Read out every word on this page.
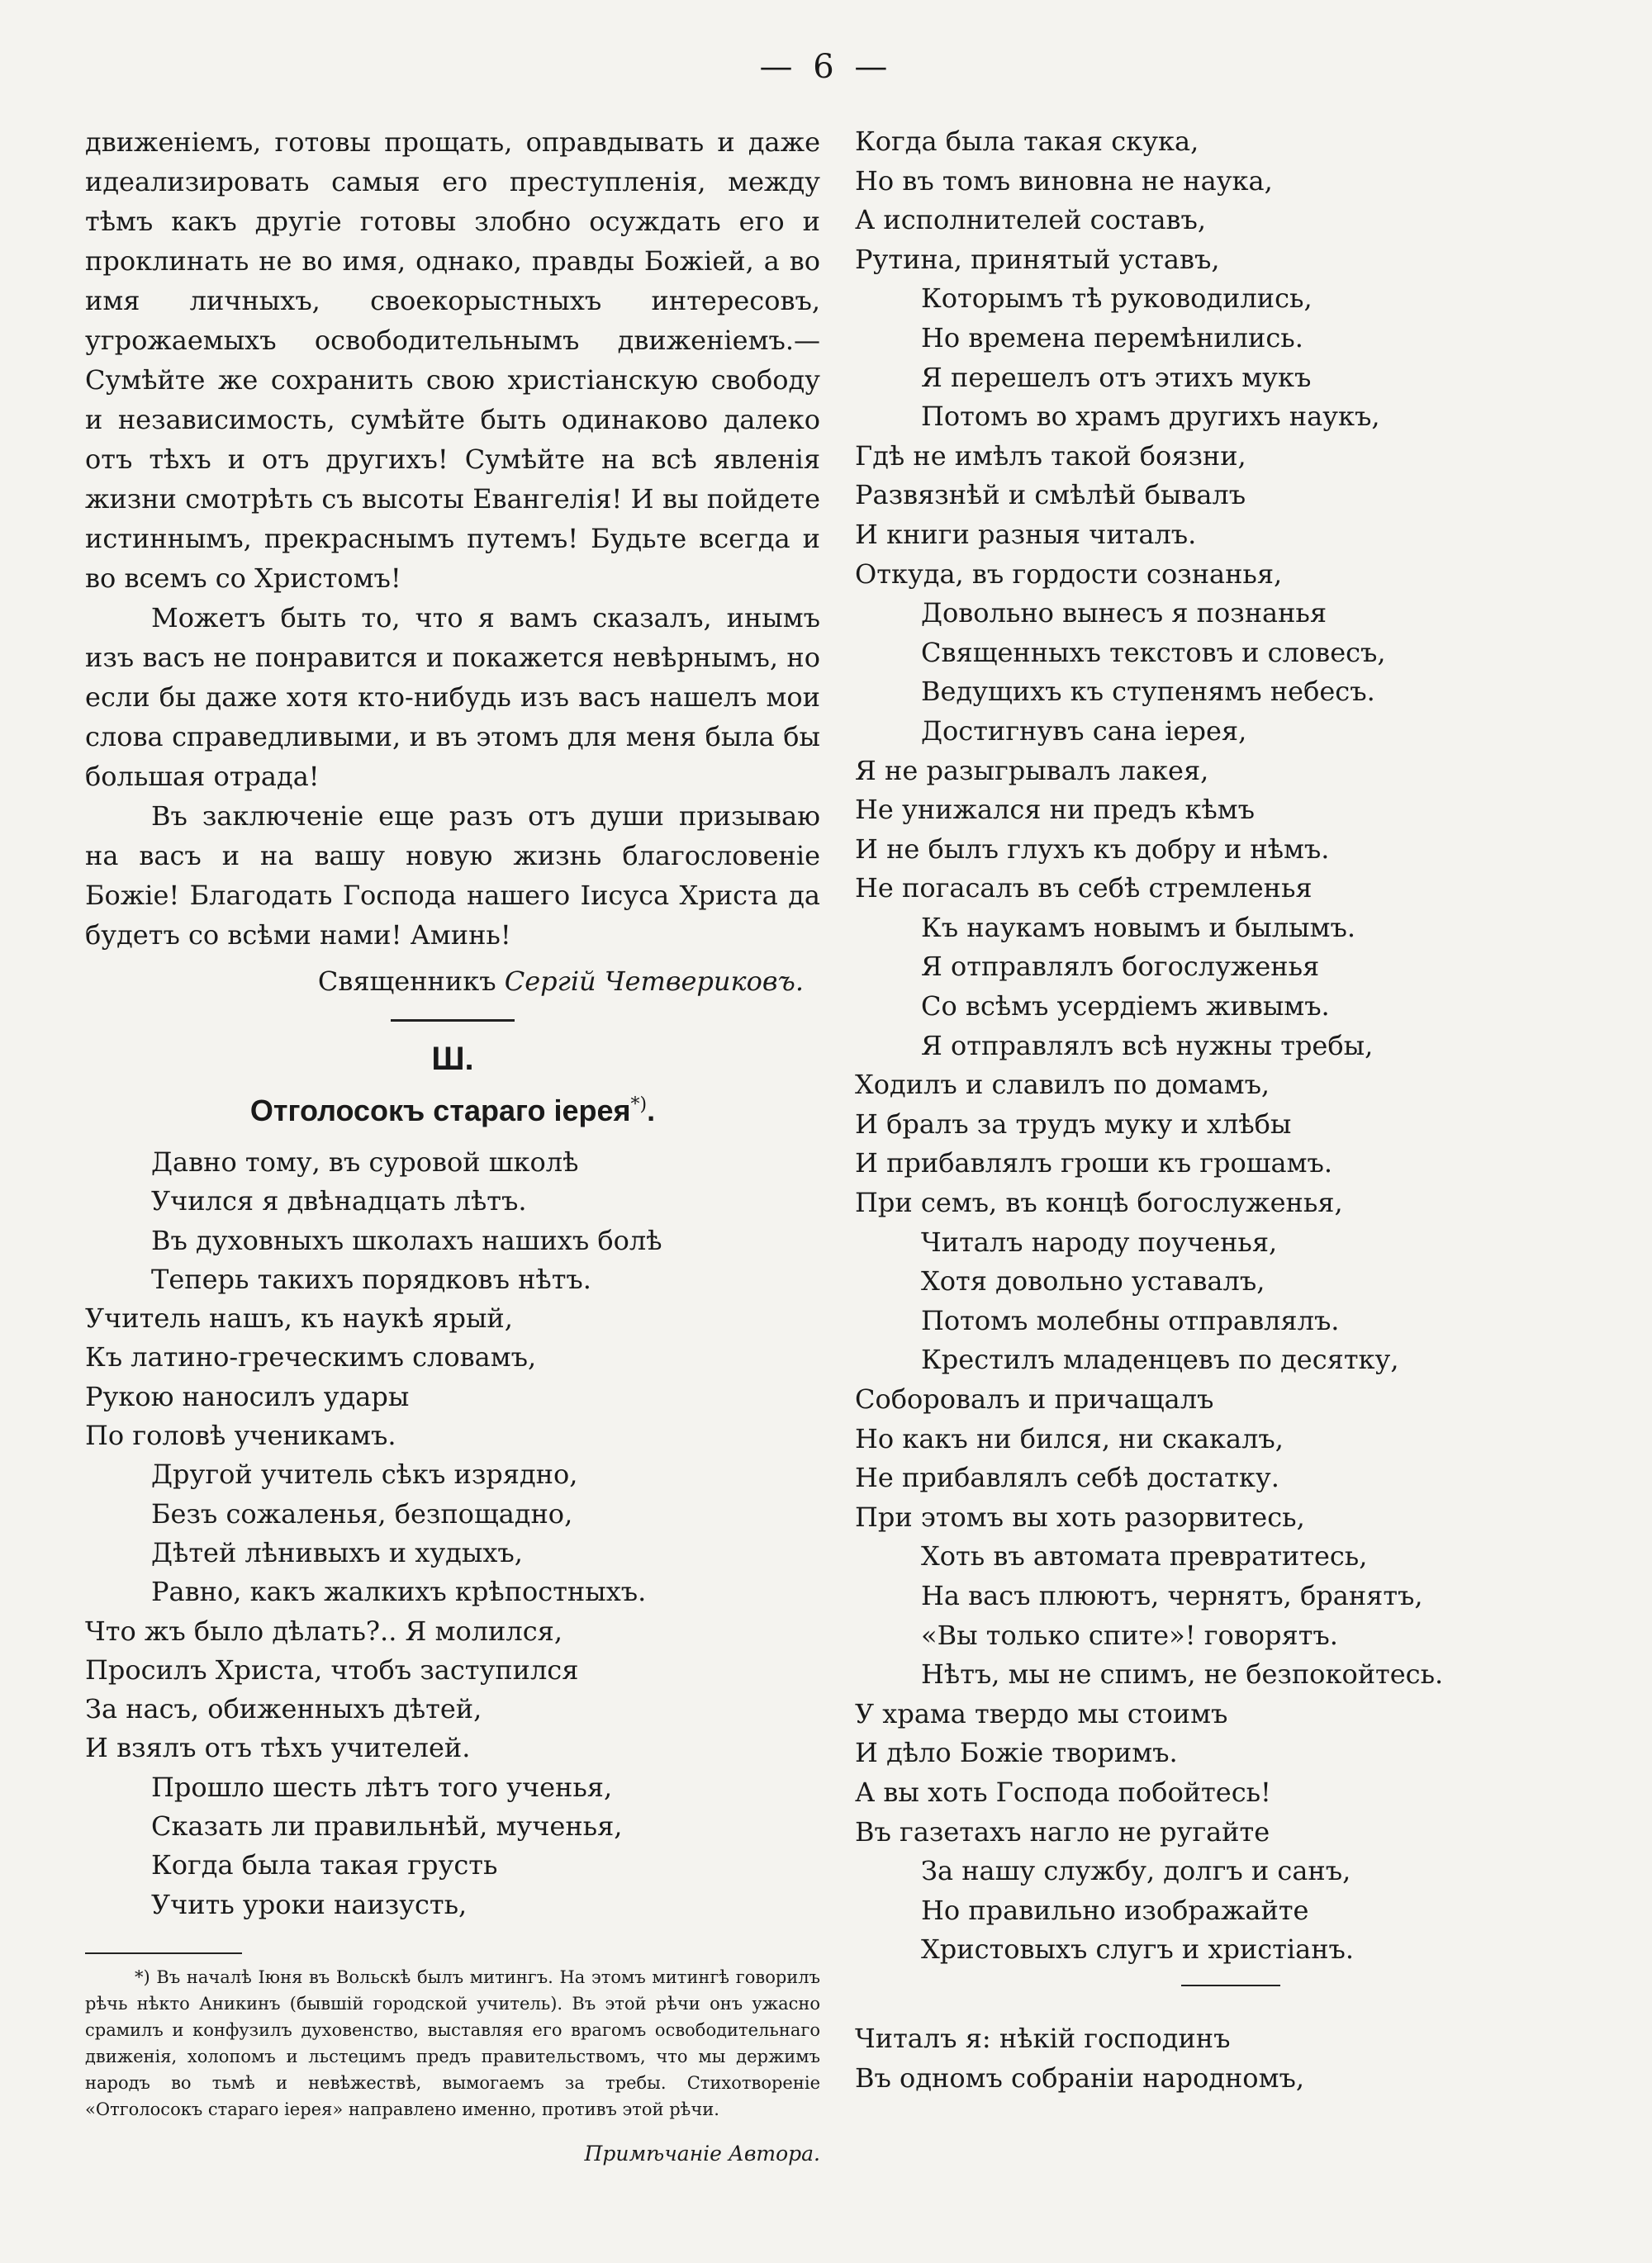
— 6 —

движеніемъ, готовы прощать, оправдывать и даже идеализировать самыя его преступленія, между тѣмъ какъ другіе готовы злобно осуждать его и проклинать не во имя, однако, правды Божіей, а во имя личныхъ, своекорыстныхъ интересовъ, угрожаемыхъ освободительнымъ движеніемъ.—Сумѣйте же сохранить свою христіанскую свободу и независимость, сумѣйте быть одинаково далеко отъ тѣхъ и отъ другихъ! Сумѣйте на всѣ явленія жизни смотрѣть съ высоты Евангелія! И вы пойдете истиннымъ, прекраснымъ путемъ! Будьте всегда и во всемъ со Христомъ!

Можетъ быть то, что я вамъ сказалъ, инымъ изъ васъ не понравится и покажется невѣрнымъ, но если бы даже хотя кто-нибудь изъ васъ нашелъ мои слова справедливыми, и въ этомъ для меня была бы большая отрада!

Въ заключеніе еще разъ отъ души призываю на васъ и на вашу новую жизнь благословеніе Божіе! Благодать Господа нашего Іисуса Христа да будетъ со всѣми нами! Аминь!

Священникъ Сергій Четвериковъ.

Ш.

Отголосокъ стараго іерея*).

Давно тому, въ суровой школѣ
Учился я двѣнадцать лѣтъ.
Въ духовныхъ школахъ нашихъ болѣ
Теперь такихъ порядковъ нѣтъ.
Учитель нашъ, къ наукѣ ярый,
Къ латино-греческимъ словамъ,
Рукою наносилъ удары
По головѣ ученикамъ.
Другой учитель сѣкъ изрядно,
Безъ сожаленья, безпощадно,
Дѣтей лѣнивыхъ и худыхъ,
Равно, какъ жалкихъ крѣпостныхъ.
Что жъ было дѣлать?.. Я молился,
Просилъ Христа, чтобъ заступился
За насъ, обиженныхъ дѣтей,
И взялъ отъ тѣхъ учителей.
Прошло шесть лѣтъ того ученья,
Сказать ли правильнѣй, мученья,
Когда была такая грусть
Учить уроки наизусть,

*) Въ началѣ Іюня въ Вольскѣ былъ митингъ. На этомъ митингѣ говорилъ рѣчь нѣкто Аникинъ (бывшій городской учитель). Въ этой рѣчи онъ ужасно срамилъ и конфузилъ духовенство, выставляя его врагомъ освободительнаго движенія, холопомъ и льстецимъ предъ правительствомъ, что мы держимъ народъ во тьмѣ и невѣжествѣ, вымогаемъ за требы. Стихотвореніе «Отголосокъ стараго іерея» направлено именно, противъ этой рѣчи.

Примѣчаніе Автора.

Когда была такая скука,
Но въ томъ виновна не наука,
А исполнителей составъ,
Рутина, принятый уставъ,
Которымъ тѣ руководились,
Но времена перемѣнились.
Я перешелъ отъ этихъ мукъ
Потомъ во храмъ другихъ наукъ,
Гдѣ не имѣлъ такой боязни,
Развязнѣй и смѣлѣй бывалъ
И книги разныя читалъ.
Откуда, въ гордости сознанья,
Довольно вынесъ я познанья
Священныхъ текстовъ и словесъ,
Ведущихъ къ ступенямъ небесъ.
Достигнувъ сана іерея,
Я не разыгрывалъ лакея,
Не унижался ни предъ кѣмъ
И не былъ глухъ къ добру и нѣмъ.
Не погасалъ въ себѣ стремленья
Къ наукамъ новымъ и былымъ.
Я отправлялъ богослуженья
Со всѣмъ усердіемъ живымъ.
Я отправлялъ всѣ нужны требы,
Ходилъ и славилъ по домамъ,
И бралъ за трудъ муку и хлѣбы
И прибавлялъ гроши къ грошамъ.
При семъ, въ концѣ богослуженья,
Читалъ народу поученья,
Хотя довольно уставалъ,
Потомъ молебны отправлялъ.
Крестилъ младенцевъ по десятку,
Соборовалъ и причащалъ
Но какъ ни бился, ни скакалъ,
Не прибавлялъ себѣ достатку.
При этомъ вы хоть разорвитесь,
Хоть въ автомата превратитесь,
На васъ плюютъ, чернятъ, бранятъ,
«Вы только спите»! говорятъ.
Нѣтъ, мы не спимъ, не безпокойтесь.
У храма твердо мы стоимъ
И дѣло Божіе творимъ.
А вы хоть Господа побойтесь!
Въ газетахъ нагло не ругайте
За нашу службу, долгъ и санъ,
Но правильно изображайте
Христовыхъ слугъ и христіанъ.
Читалъ я: нѣкій господинъ
Въ одномъ собраніи народномъ,
